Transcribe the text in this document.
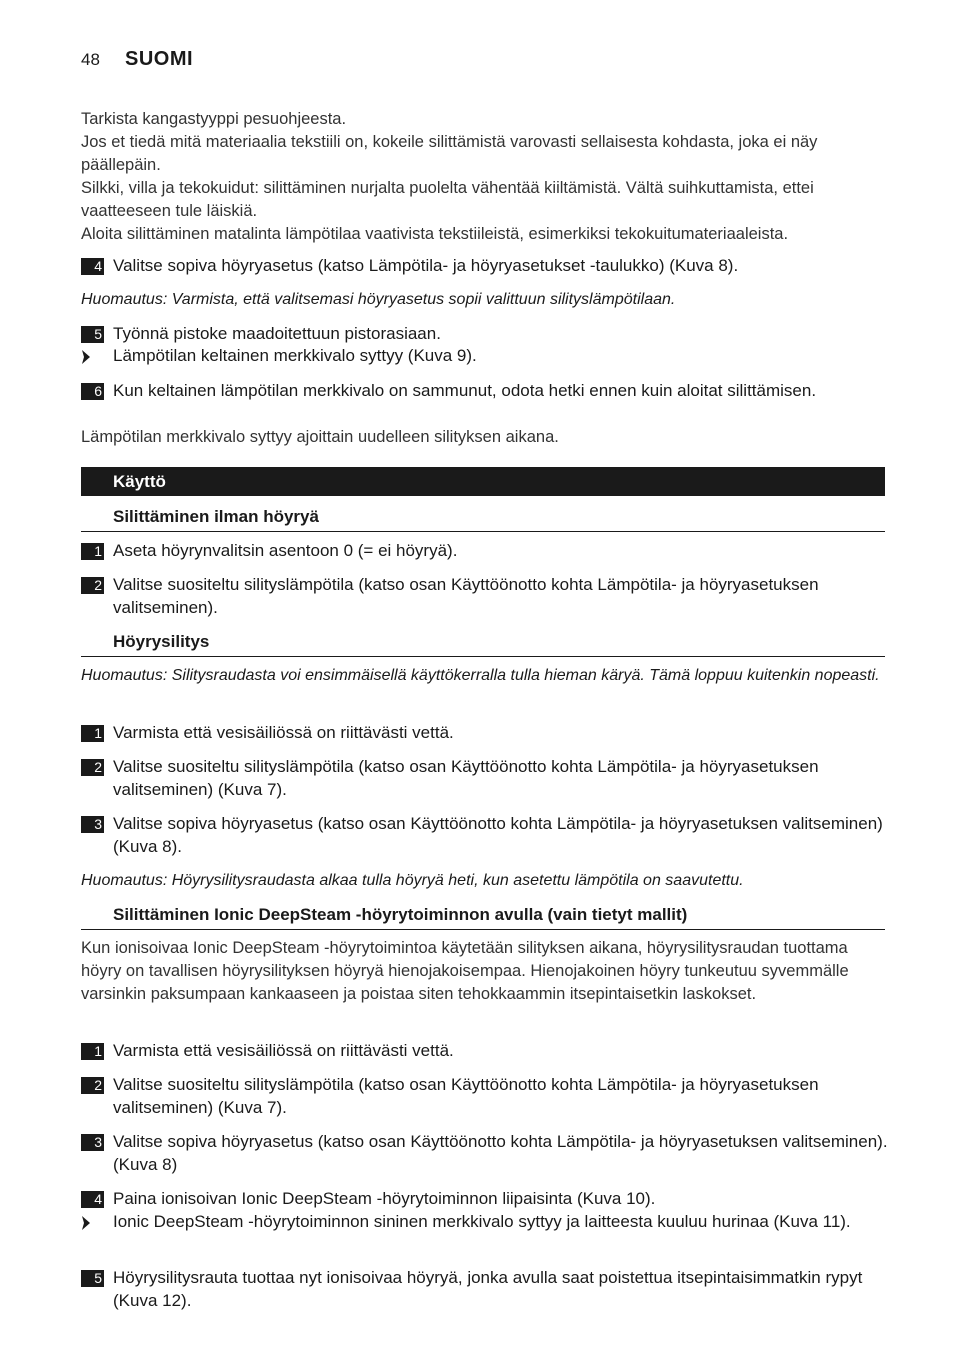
48 SUOMI

Tarkista kangastyyppi pesuohjeesta.

Jos et tiedä mitä materiaalia tekstiili on, kokeile silittämistä varovasti sellaisesta kohdasta, joka ei näy päällepäin.

Silkki, villa ja tekokuidut: silittäminen nurjalta puolelta vähentää kiiltämistä. Vältä suihkuttamista, ettei vaatteeseen tule läiskiä.

Aloita silittäminen matalinta lämpötilaa vaativista tekstiileistä, esimerkiksi tekokuitumateriaaleista.

4 Valitse sopiva höyryasetus (katso Lämpötila- ja höyryasetukset -taulukko) (Kuva 8).
Huomautus: Varmista, että valitsemasi höyryasetus sopii valittuun silityslämpötilaan.
5 Työnnä pistoke maadoitettuun pistorasiaan.
Lämpötilan keltainen merkkivalo syttyy (Kuva 9).
6 Kun keltainen lämpötilan merkkivalo on sammunut, odota hetki ennen kuin aloitat silittämisen.
Lämpötilan merkkivalo syttyy ajoittain uudelleen silityksen aikana.
Käyttö
Silittäminen ilman höyryä
1 Aseta höyrynvalitsin asentoon 0 (= ei höyryä).
2 Valitse suositeltu silityslämpötila (katso osan Käyttöönotto kohta Lämpötila- ja höyryasetuksen valitseminen).
Höyrysilitys
Huomautus: Silitysraudasta voi ensimmäisellä käyttökerralla tulla hieman käryä. Tämä loppuu kuitenkin nopeasti.
1 Varmista että vesisäiliössä on riittävästi vettä.
2 Valitse suositeltu silityslämpötila (katso osan Käyttöönotto kohta Lämpötila- ja höyryasetuksen valitseminen) (Kuva 7).
3 Valitse sopiva höyryasetus (katso osan Käyttöönotto kohta Lämpötila- ja höyryasetuksen valitseminen) (Kuva 8).
Huomautus: Höyrysilitysraudasta alkaa tulla höyryä heti, kun asetettu lämpötila on saavutettu.
Silittäminen Ionic DeepSteam -höyrytoiminnon avulla (vain tietyt mallit)
Kun ionisoivaa Ionic DeepSteam -höyrytoimintoa käytetään silityksen aikana, höyrysilitysraudan tuottama höyry on tavallisen höyrysilityksen höyryä hienojakoisempaa. Hienojakoinen höyry tunkeutuu syvemmälle varsinkin paksumpaan kankaaseen ja poistaa siten tehokkaammin itsepintaisetkin laskokset.
1 Varmista että vesisäiliössä on riittävästi vettä.
2 Valitse suositeltu silityslämpötila (katso osan Käyttöönotto kohta Lämpötila- ja höyryasetuksen valitseminen) (Kuva 7).
3 Valitse sopiva höyryasetus (katso osan Käyttöönotto kohta Lämpötila- ja höyryasetuksen valitseminen). (Kuva 8)
4 Paina ionisoivan Ionic DeepSteam -höyrytoiminnon liipaisinta (Kuva 10).
Ionic DeepSteam -höyrytoiminnon sininen merkkivalo syttyy ja laitteesta kuuluu hurinaa (Kuva 11).
5 Höyrysilitysrauta tuottaa nyt ionisoivaa höyryä, jonka avulla saat poistettua itsepintaisimmatkin rypyt (Kuva 12).
